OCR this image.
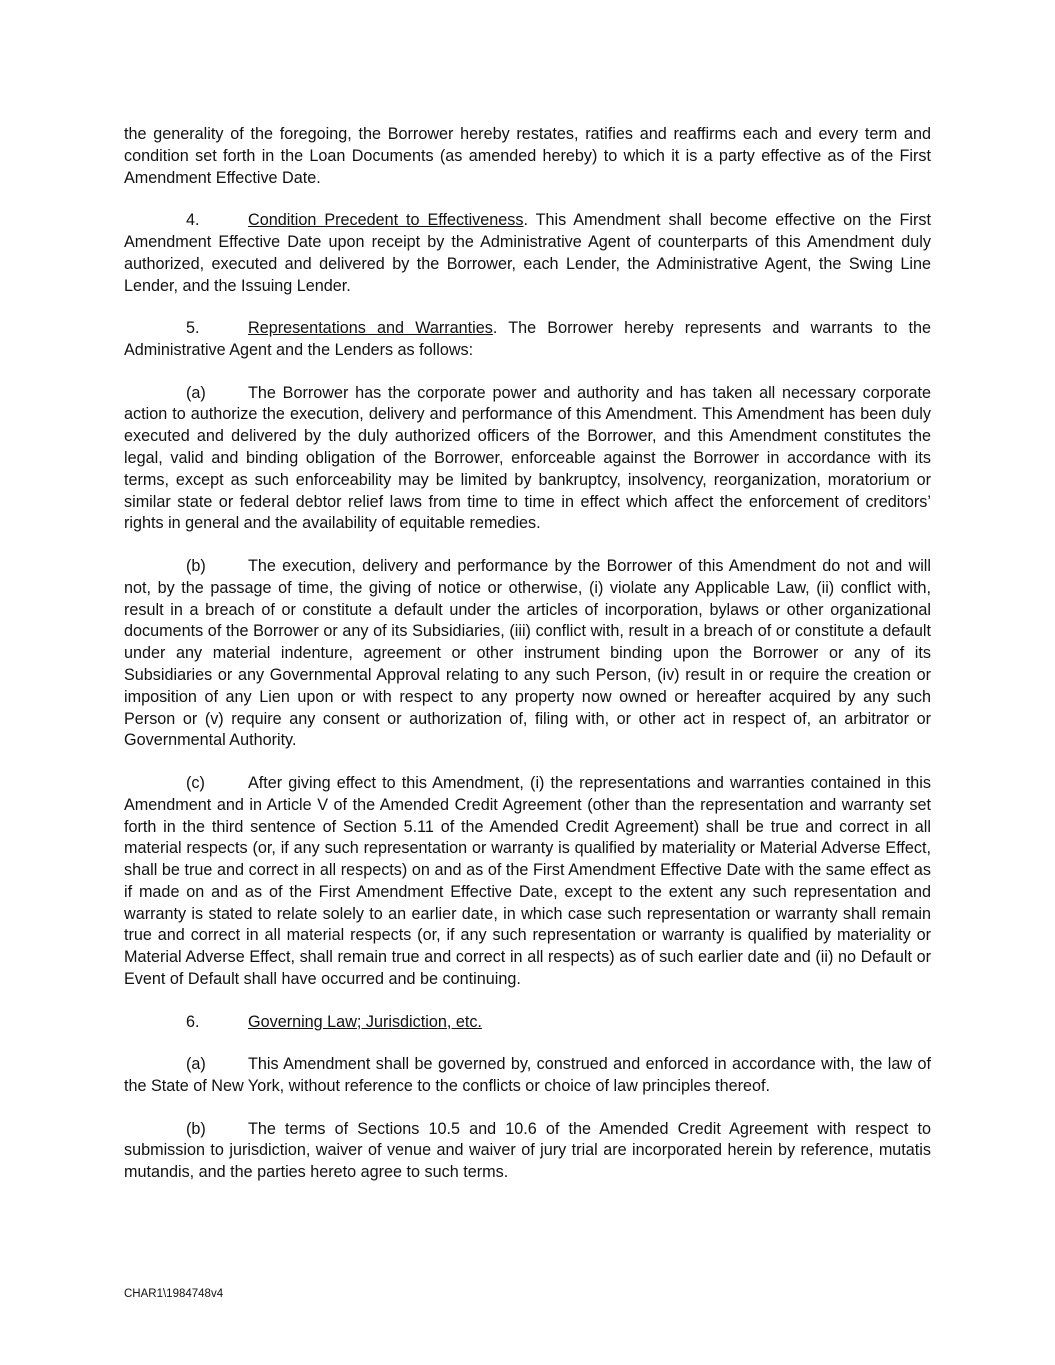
the generality of the foregoing, the Borrower hereby restates, ratifies and reaffirms each and every term and condition set forth in the Loan Documents (as amended hereby) to which it is a party effective as of the First Amendment Effective Date.

4.	Condition Precedent to Effectiveness. This Amendment shall become effective on the First Amendment Effective Date upon receipt by the Administrative Agent of counterparts of this Amendment duly authorized, executed and delivered by the Borrower, each Lender, the Administrative Agent, the Swing Line Lender, and the Issuing Lender.

5.	Representations and Warranties. The Borrower hereby represents and warrants to the Administrative Agent and the Lenders as follows:

(a)	The Borrower has the corporate power and authority and has taken all necessary corporate action to authorize the execution, delivery and performance of this Amendment. This Amendment has been duly executed and delivered by the duly authorized officers of the Borrower, and this Amendment constitutes the legal, valid and binding obligation of the Borrower, enforceable against the Borrower in accordance with its terms, except as such enforceability may be limited by bankruptcy, insolvency, reorganization, moratorium or similar state or federal debtor relief laws from time to time in effect which affect the enforcement of creditors’ rights in general and the availability of equitable remedies.

(b)	The execution, delivery and performance by the Borrower of this Amendment do not and will not, by the passage of time, the giving of notice or otherwise, (i) violate any Applicable Law, (ii) conflict with, result in a breach of or constitute a default under the articles of incorporation, bylaws or other organizational documents of the Borrower or any of its Subsidiaries, (iii) conflict with, result in a breach of or constitute a default under any material indenture, agreement or other instrument binding upon the Borrower or any of its Subsidiaries or any Governmental Approval relating to any such Person, (iv) result in or require the creation or imposition of any Lien upon or with respect to any property now owned or hereafter acquired by any such Person or (v) require any consent or authorization of, filing with, or other act in respect of, an arbitrator or Governmental Authority.

(c)	After giving effect to this Amendment, (i) the representations and warranties contained in this Amendment and in Article V of the Amended Credit Agreement (other than the representation and warranty set forth in the third sentence of Section 5.11 of the Amended Credit Agreement) shall be true and correct in all material respects (or, if any such representation or warranty is qualified by materiality or Material Adverse Effect, shall be true and correct in all respects) on and as of the First Amendment Effective Date with the same effect as if made on and as of the First Amendment Effective Date, except to the extent any such representation and warranty is stated to relate solely to an earlier date, in which case such representation or warranty shall remain true and correct in all material respects (or, if any such representation or warranty is qualified by materiality or Material Adverse Effect, shall remain true and correct in all respects) as of such earlier date and (ii) no Default or Event of Default shall have occurred and be continuing.

6.	Governing Law; Jurisdiction, etc.

(a)	This Amendment shall be governed by, construed and enforced in accordance with, the law of the State of New York, without reference to the conflicts or choice of law principles thereof.

(b)	The terms of Sections 10.5 and 10.6 of the Amended Credit Agreement with respect to submission to jurisdiction, waiver of venue and waiver of jury trial are incorporated herein by reference, mutatis mutandis, and the parties hereto agree to such terms.

CHAR1\1984748v4
